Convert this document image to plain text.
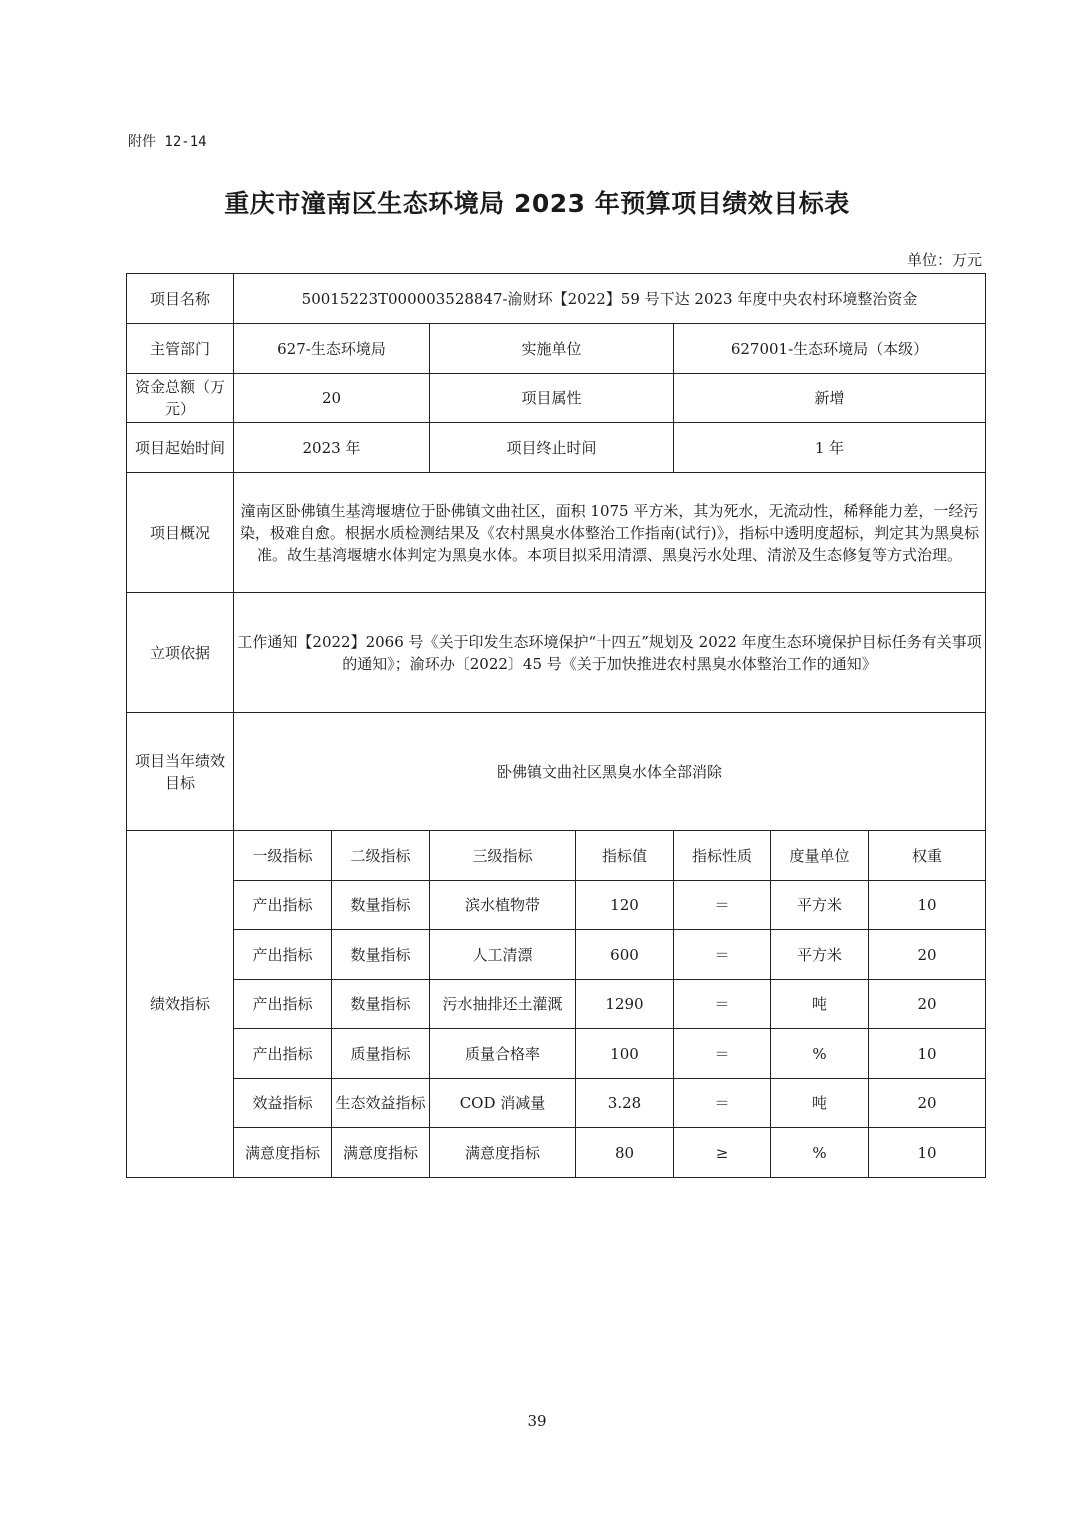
附件 12-14
重庆市潼南区生态环境局 2023 年预算项目绩效目标表
单位：万元
项目名称	50015223T000003528847-渝财环【2022】59 号下达 2023 年度中央农村环境整治资金						
主管部门	627-生态环境局		实施单位		627001-生态环境局（本级）		
资金总额（万元）	20		项目属性		新增		
项目起始时间	2023 年		项目终止时间		1 年		
项目概况	潼南区卧佛镇生基湾堰塘位于卧佛镇文曲社区，面积 1075 平方米，其为死水，无流动性，稀释能力差，一经污染，极难自愈。根据水质检测结果及《农村黑臭水体整治工作指南(试行)》，指标中透明度超标，判定其为黑臭标准。故生基湾堰塘水体判定为黑臭水体。本项目拟采用清漂、黑臭污水处理、清淤及生态修复等方式治理。						
立项依据	工作通知【2022】2066 号《关于印发生态环境保护“十四五”规划及 2022 年度生态环境保护目标任务有关事项的通知》；渝环办〔2022〕45 号《关于加快推进农村黑臭水体整治工作的通知》						
项目当年绩效目标	卧佛镇文曲社区黑臭水体全部消除						
绩效指标	一级指标	二级指标	三级指标	指标值	指标性质	度量单位	权重
	产出指标	数量指标	滨水植物带	120	＝	平方米	10
	产出指标	数量指标	人工清漂	600	＝	平方米	20
	产出指标	数量指标	污水抽排还土灌溉	1290	＝	吨	20
	产出指标	质量指标	质量合格率	100	＝	%	10
	效益指标	生态效益指标	COD 消减量	3.28	＝	吨	20
	满意度指标	满意度指标	满意度指标	80	≥	%	10
39
